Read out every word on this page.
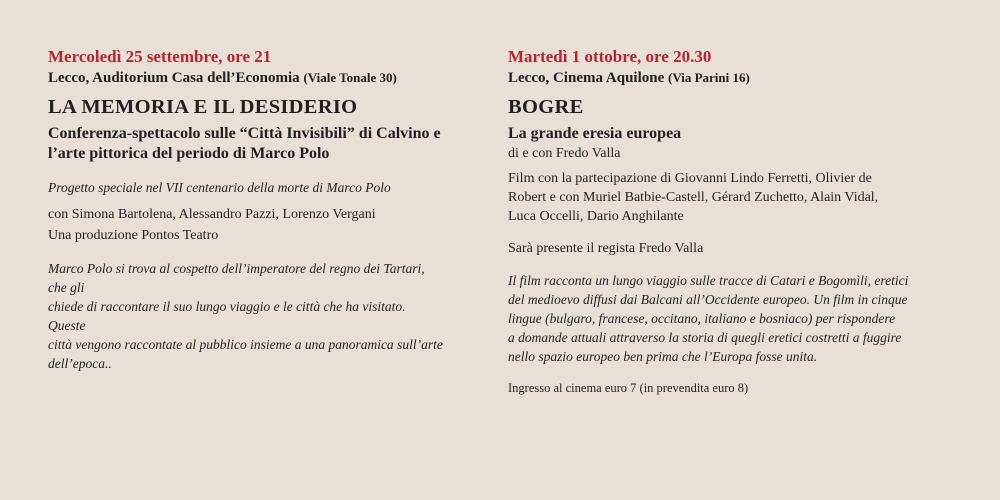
Mercoledì 25 settembre, ore 21

Lecco, Auditorium Casa dell’Economia (Viale Tonale 30)

LA MEMORIA E IL DESIDERIO

Conferenza-spettacolo sulle “Città Invisibili” di Calvino e

l’arte pittorica del periodo di Marco Polo

Progetto speciale nel VII centenario della morte di Marco Polo

con Simona Bartolena, Alessandro Pazzi, Lorenzo Vergani

Una produzione Pontos Teatro

Marco Polo si trova al cospetto dell’imperatore del regno dei Tartari, che gli

chiede di raccontare il suo lungo viaggio e le città che ha visitato. Queste

città vengono raccontate al pubblico insieme a una panoramica sull’arte

dell’epoca..

Martedì 1 ottobre, ore 20.30

Lecco, Cinema Aquilone (Via Parini 16)

BOGRE

La grande eresia europea

di e con Fredo Valla

Film con la partecipazione di Giovanni Lindo Ferretti, Olivier de

Robert e con Muriel Batbie-Castell, Gérard Zuchetto, Alain Vidal,

Luca Occelli, Dario Anghilante

Sarà presente il regista Fredo Valla

Il film racconta un lungo viaggio sulle tracce di Catari e Bogomìli, eretici

del medioevo diffusi dai Balcani all’Occidente europeo. Un film in cinque

lingue (bulgaro, francese, occitano, italiano e bosniaco) per rispondere

a domande attuali attraverso la storia di quegli eretici costretti a fuggire

nello spazio europeo ben prima che l’Europa fosse unita.

Ingresso al cinema euro 7 (in prevendita euro 8)
